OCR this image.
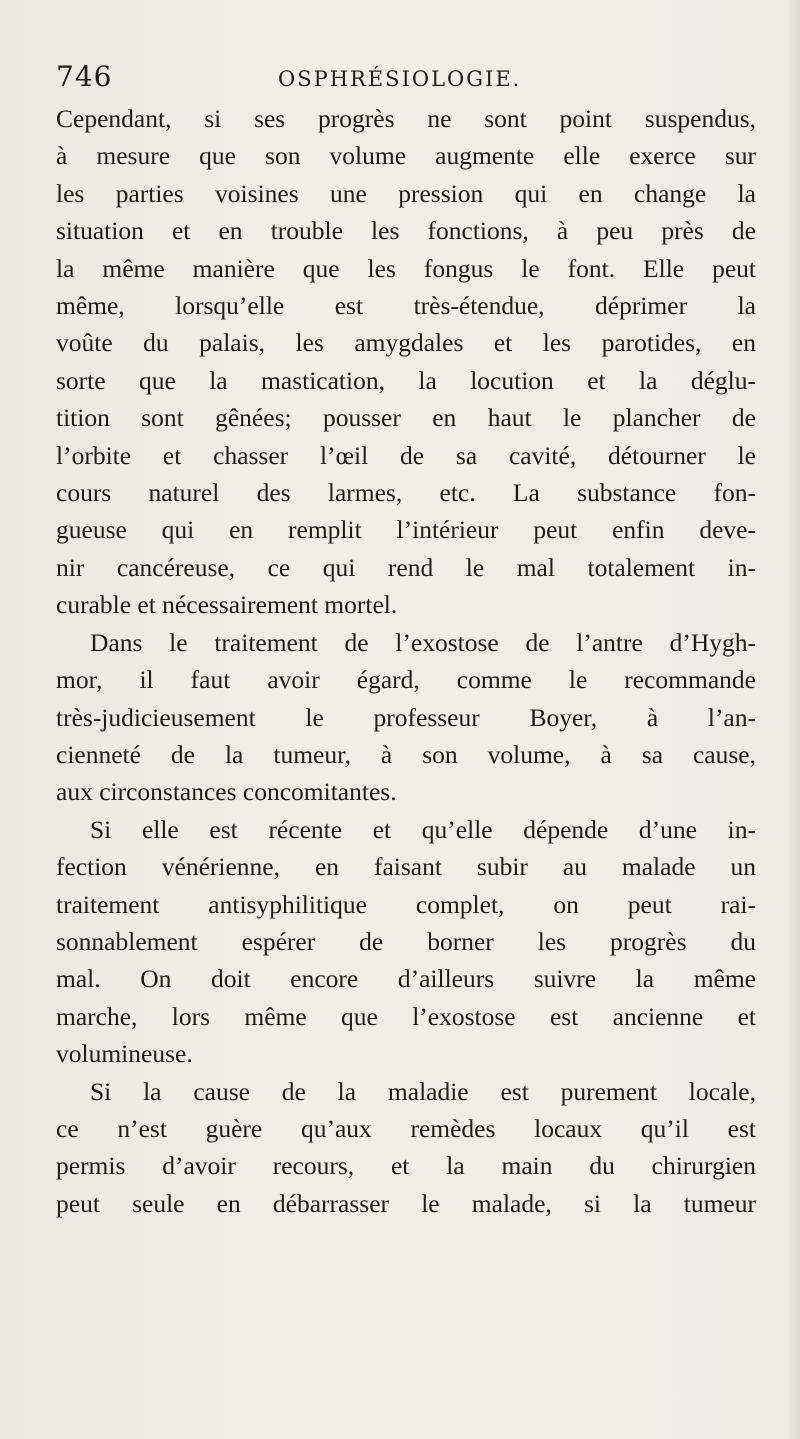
746	OSPHRÉSIOLOGIE.
Cependant, si ses progrès ne sont point suspendus,
à mesure que son volume augmente elle exerce sur
les parties voisines une pression qui en change la
situation et en trouble les fonctions, à peu près de
la même manière que les fongus le font. Elle peut
même, lorsqu’elle est très-étendue, déprimer la
voûte du palais, les amygdales et les parotides, en
sorte que la mastication, la locution et la déglu-
tition sont gênées; pousser en haut le plancher de
l’orbite et chasser l’œil de sa cavité, détourner le
cours naturel des larmes, etc. La substance fon-
gueuse qui en remplit l’intérieur peut enfin deve-
nir cancéreuse, ce qui rend le mal totalement in-
curable et nécessairement mortel.
Dans le traitement de l’exostose de l’antre d’Hygh-
mor, il faut avoir égard, comme le recommande
très-judicieusement le professeur Boyer, à l’an-
cienneté de la tumeur, à son volume, à sa cause,
aux circonstances concomitantes.
Si elle est récente et qu’elle dépende d’une in-
fection vénérienne, en faisant subir au malade un
traitement antisyphilitique complet, on peut rai-
sonnablement espérer de borner les progrès du
mal. On doit encore d’ailleurs suivre la même
marche, lors même que l’exostose est ancienne et
volumineuse.
Si la cause de la maladie est purement locale,
ce n’est guère qu’aux remèdes locaux qu’il est
permis d’avoir recours, et la main du chirurgien
peut seule en débarrasser le malade, si la tumeur
